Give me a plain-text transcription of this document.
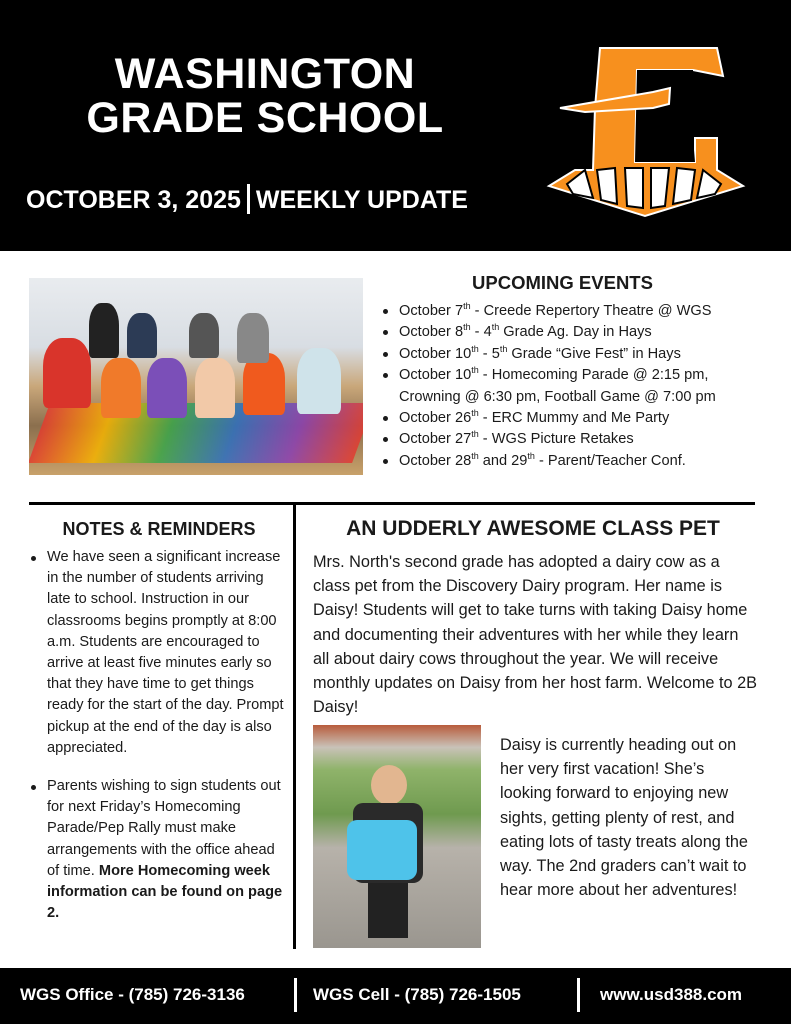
WASHINGTON
GRADE SCHOOL
OCTOBER 3, 2025 WEEKLY UPDATE
UPCOMING EVENTS
October 7th - Creede Repertory Theatre @ WGS
October 8th - 4th Grade Ag. Day in Hays
October 10th - 5th Grade “Give Fest” in Hays
October 10th - Homecoming Parade @ 2:15 pm, Crowning @ 6:30 pm, Football Game @ 7:00 pm
October 26th - ERC Mummy and Me Party
October 27th - WGS Picture Retakes
October 28th and 29th - Parent/Teacher Conf.
NOTES & REMINDERS
We have seen a significant increase in the number of students arriving late to school. Instruction in our classrooms begins promptly at 8:00 a.m. Students are encouraged to arrive at least five minutes early so that they have time to get things ready for the start of the day. Prompt pickup at the end of the day is also appreciated.
Parents wishing to sign students out for next Friday’s Homecoming Parade/Pep Rally must make arrangements with the office ahead of time. More Homecoming week information can be found on page 2.
AN UDDERLY AWESOME CLASS PET
Mrs. North's second grade has adopted a dairy cow as a class pet from the Discovery Dairy program. Her name is Daisy! Students will get to take turns with taking Daisy home and documenting their adventures with her while they learn all about dairy cows throughout the year. We will receive monthly updates on Daisy from her host farm. Welcome to 2B Daisy!
Daisy is currently heading out on her very first vacation! She’s looking forward to enjoying new sights, getting plenty of rest, and eating lots of tasty treats along the way. The 2nd graders can’t wait to hear more about her adventures!
WGS Office - (785) 726-3136	WGS Cell - (785) 726-1505	www.usd388.com
